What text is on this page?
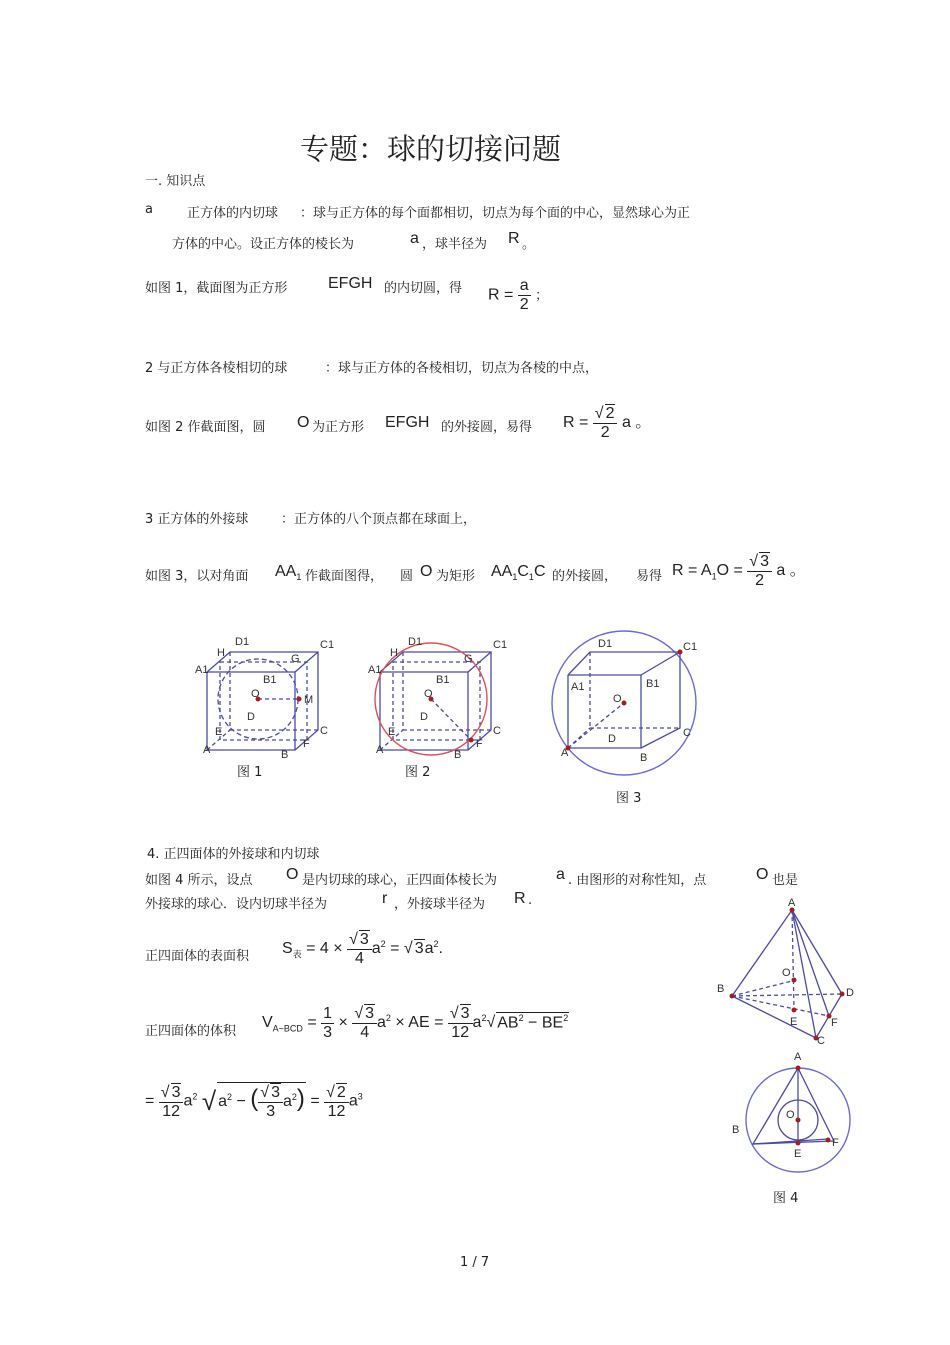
专题：球的切接问题
一. 知识点
a	正方体的内切球 ：球与正方体的每个面都相切，切点为每个面的中心，显然球心为正
方体的中心。设正方体的棱长为	a ，球半径为 R 。
如图 1，截面图为正方形	EFGH 的内切圆，得 $R = \frac{a}{2}$ ；
2 与正方体各棱相切的球	：球与正方体的各棱相切，切点为各棱的中点，
如图 2 作截面图，圆 O 为正方形 EFGH 的外接圆，易得 $R = \frac{√ 2}{2}$ a 。
3 正方体的外接球	：正方体的八个顶点都在球面上，
如图 3，以对角面 $AA_1$ 作截面图得， 圆 O 为矩形 $AA_1C_1C$ 的外接圆， 易得 $R = A_1O = \frac{√ 3}{2}$ a 。
D1	C1
H	G
A1
B1
O	M
D
C
E
F
A	B
图 1
D1	C1
H	G
A1
B1
O
D
C
E
F
A	B
图 2
D1	C1
A1	B1
O
D	C
A	B
图 3
4. 正四面体的外接球和内切球
如图 4 所示，设点 O 是内切球的球心，正四面体棱长为	a . 由图形的对称性知，点	O 也是
外接球的球心．设内切球半径为	r ，外接球半径为 R .
正四面体的表面积 $S_表 = 4 \times \frac{√ 3}{4} a^2$ = √ $3a^2$.
正四面体的体积
$V_{A-BCD} = \frac{1}{3} \times \frac{√ 3}{4} a^2$ × AE = $\frac{√ 3}{12} a^2√$ $AB^2 - BE^2$
= $\frac{√ 3}{12} a^2$ √ $a^2$ − ( $\frac{√ 3}{3} a^2) = \frac{√ 2}{12} a^3$
A
B	D
C
O
E	F
A
B
O
E
F
图 4
1 / 7
